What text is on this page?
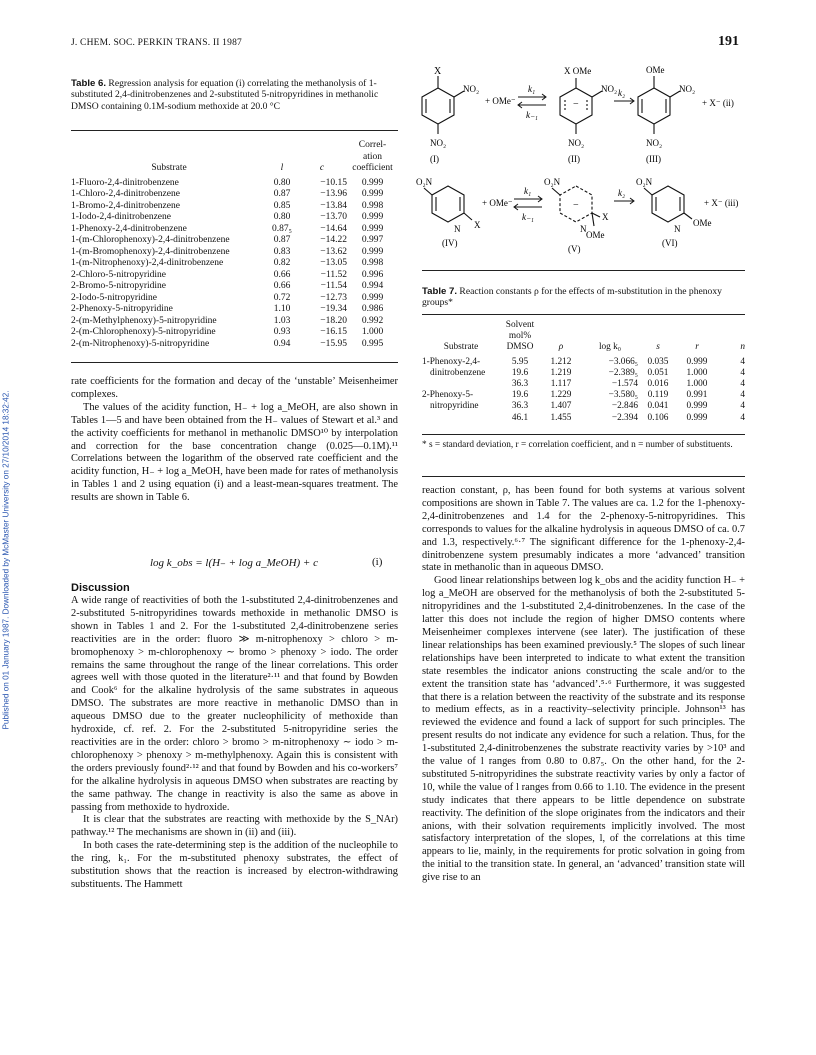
J. CHEM. SOC. PERKIN TRANS. II 1987	191
Published on 01 January 1987. Downloaded by McMaster University on 27/10/2014 18:32:42.
Table 6. Regression analysis for equation (i) correlating the methanolysis of 1-substituted 2,4-dinitrobenzenes and 2-substituted 5-nitropyridines in methanolic DMSO containing 0.1M-sodium methoxide at 20.0 °C
			Correl-
			ation
Substrate	l	c	coefficient
1-Fluoro-2,4-dinitrobenzene	0.80	−10.15	0.999
1-Chloro-2,4-dinitrobenzene	0.87	−13.96	0.999
1-Bromo-2,4-dinitrobenzene	0.85	−13.84	0.998
1-Iodo-2,4-dinitrobenzene	0.80	−13.70	0.999
1-Phenoxy-2,4-dinitrobenzene	0.87₅	−14.64	0.999
1-(m-Chlorophenoxy)-2,4-dinitrobenzene	0.87	−14.22	0.997
1-(m-Bromophenoxy)-2,4-dinitrobenzene	0.83	−13.62	0.999
1-(m-Nitrophenoxy)-2,4-dinitrobenzene	0.82	−13.05	0.998
2-Chloro-5-nitropyridine	0.66	−11.52	0.996
2-Bromo-5-nitropyridine	0.66	−11.54	0.994
2-Iodo-5-nitropyridine	0.72	−12.73	0.999
2-Phenoxy-5-nitropyridine	1.10	−19.34	0.986
2-(m-Methylphenoxy)-5-nitropyridine	1.03	−18.20	0.992
2-(m-Chlorophenoxy)-5-nitropyridine	0.93	−16.15	1.000
2-(m-Nitrophenoxy)-5-nitropyridine	0.94	−15.95	0.995

rate coefficients for the formation and decay of the ‘unstable’ Meisenheimer complexes.

The values of the acidity function, H₋ + log a_MeOH, are also shown in Tables 1—5 and have been obtained from the H₋ values of Stewart et al.³ and the activity coefficients for methanol in methanolic DMSO¹⁰ by interpolation and correction for the base concentration change (0.025—0.1M).¹¹ Correlations between the logarithm of the observed rate coefficient and the acidity function, H₋ + log a_MeOH, have been made for rates of methanolysis in Tables 1 and 2 using equation (i) and a least-mean-squares treatment. The results are shown in Table 6.

log k_obs = l(H₋ + log a_MeOH) + c	(i)
Discussion

A wide range of reactivities of both the 1-substituted 2,4-dinitrobenzenes and 2-substituted 5-nitropyridines towards methoxide in methanolic DMSO is shown in Tables 1 and 2. For the 1-substituted 2,4-dinitrobenzene series reactivities are in the order: fluoro ≫ m-nitrophenoxy > chloro > m-bromophenoxy > m-chlorophenoxy ∼ bromo > phenoxy > iodo. The order remains the same throughout the range of the linear correlations. This order agrees well with those quoted in the literature²·¹¹ and that found by Bowden and Cook⁶ for the alkaline hydrolysis of the same substrates in aqueous DMSO. The substrates are more reactive in methanolic DMSO than in aqueous DMSO due to the greater nucleophilicity of methoxide than hydroxide, cf. ref. 2. For the 2-substituted 5-nitropyridine series the reactivities are in the order: chloro > bromo > m-nitrophenoxy ∼ iodo > m-chlorophenoxy > phenoxy > m-methylphenoxy. Again this is consistent with the orders previously found²·¹² and that found by Bowden and his co-workers⁷ for the alkaline hydrolysis in aqueous DMSO when substrates are reacting by the same pathway. The change in reactivity is also the same as above in passing from methoxide to hydroxide.

It is clear that the substrates are reacting with methoxide by the S_NAr) pathway.¹² The mechanisms are shown in (ii) and (iii).

In both cases the rate-determining step is the addition of the nucleophile to the ring, k₁. For the m-substituted phenoxy substrates, the effect of substitution shows that the reaction is increased by electron-withdrawing substituents. The Hammett

X
NO₂
NO₂
(I)
+ OMe⁻
k₁
k₋₁
−
X OMe
NO₂
NO₂
(II)
k₂
OMe
NO₂
NO₂
(III)
+ X⁻ (ii)
O₂N
N X
(IV)
+ OMe⁻
k₁
k₋₁
−
O₂N
N
X
OMe
(V)
k₂
O₂N
N
OMe
(VI)
+ X⁻ (iii)
Table 7. Reaction constants ρ for the effects of m-substitution in the phenoxy groups*
	Solvent					
	mol%					
Substrate	DMSO	ρ	log k₀	s	r	n
1-Phenoxy-2,4-	5.95	1.212	−3.066₅	0.035	0.999	4
dinitrobenzene	19.6	1.219	−2.389₅	0.051	1.000	4
	36.3	1.117	−1.574	0.016	1.000	4
2-Phenoxy-5-	19.6	1.229	−3.580₅	0.119	0.991	4
nitropyridine	36.3	1.407	−2.846	0.041	0.999	4
	46.1	1.455	−2.394	0.106	0.999	4
* s = standard deviation, r = correlation coefficient, and n = number of substituents.

reaction constant, ρ, has been found for both systems at various solvent compositions are shown in Table 7. The values are ca. 1.2 for the 1-phenoxy-2,4-dinitrobenzenes and 1.4 for the 2-phenoxy-5-nitropyridines. This corresponds to values for the alkaline hydrolysis in aqueous DMSO of ca. 0.7 and 1.3, respectively.⁶·⁷ The significant difference for the 1-phenoxy-2,4-dinitrobenzene system presumably indicates a more ‘advanced’ transition state in methanolic than in aqueous DMSO.

Good linear relationships between log k_obs and the acidity function H₋ + log a_MeOH are observed for the methanolysis of both the 2-substituted 5-nitropyridines and the 1-substituted 2,4-dinitrobenzenes. In the case of the latter this does not include the region of higher DMSO contents where Meisenheimer complexes intervene (see later). The justification of these linear relationships has been examined previously.⁵ The slopes of such linear relationships have been interpreted to indicate to what extent the transition state resembles the indicator anions constructing the scale and/or to the extent the transition state has ‘advanced’.⁵·⁶ Furthermore, it was suggested that there is a relation between the reactivity of the substrate and its response to medium effects, as in a reactivity–selectivity principle. Johnson¹³ has reviewed the evidence and found a lack of support for such principles. The present results do not indicate any evidence for such a relation. Thus, for the 1-substituted 2,4-dinitrobenzenes the substrate reactivity varies by >10³ and the value of l ranges from 0.80 to 0.87₅. On the other hand, for the 2-substituted 5-nitropyridines the substrate reactivity varies by only a factor of 10, while the value of l ranges from 0.66 to 1.10. The evidence in the present study indicates that there appears to be little dependence on substrate reactivity. The definition of the slope originates from the indicators and their anions, with their solvation requirements implicitly involved. The most satisfactory interpretation of the slopes, l, of the correlations at this time appears to lie, mainly, in the requirements for protic solvation in going from the initial to the transition state. In general, an ‘advanced’ transition state will give rise to an
